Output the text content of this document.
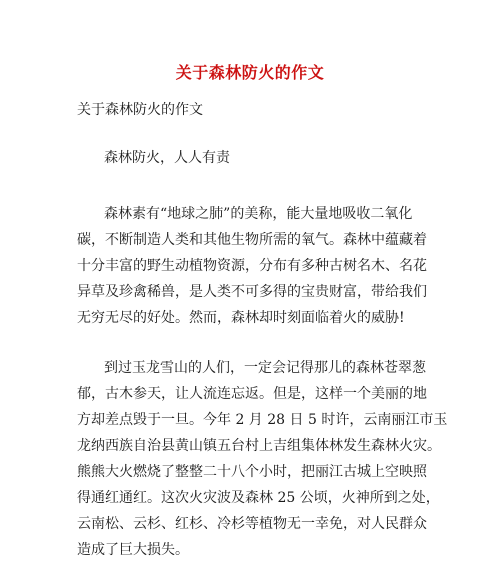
关于森林防火的作文
关于森林防火的作文
森林防火，人人有责
森林素有“地球之肺”的美称，能大量地吸收二氧化
碳，不断制造人类和其他生物所需的氧气。森林中蕴藏着
十分丰富的野生动植物资源，分布有多种古树名木、名花
异草及珍禽稀兽，是人类不可多得的宝贵财富，带给我们
无穷无尽的好处。然而，森林却时刻面临着火的威胁!
到过玉龙雪山的人们，一定会记得那儿的森林苍翠葱
郁，古木参天，让人流连忘返。但是，这样一个美丽的地
方却差点毁于一旦。今年 2 月 28 日 5 时许，云南丽江市玉
龙纳西族自治县黄山镇五台村上吉组集体林发生森林火灾。
熊熊大火燃烧了整整二十八个小时，把丽江古城上空映照
得通红通红。这次火灾波及森林 25 公顷，火神所到之处，
云南松、云杉、红杉、冷杉等植物无一幸免，对人民群众
造成了巨大损失。
